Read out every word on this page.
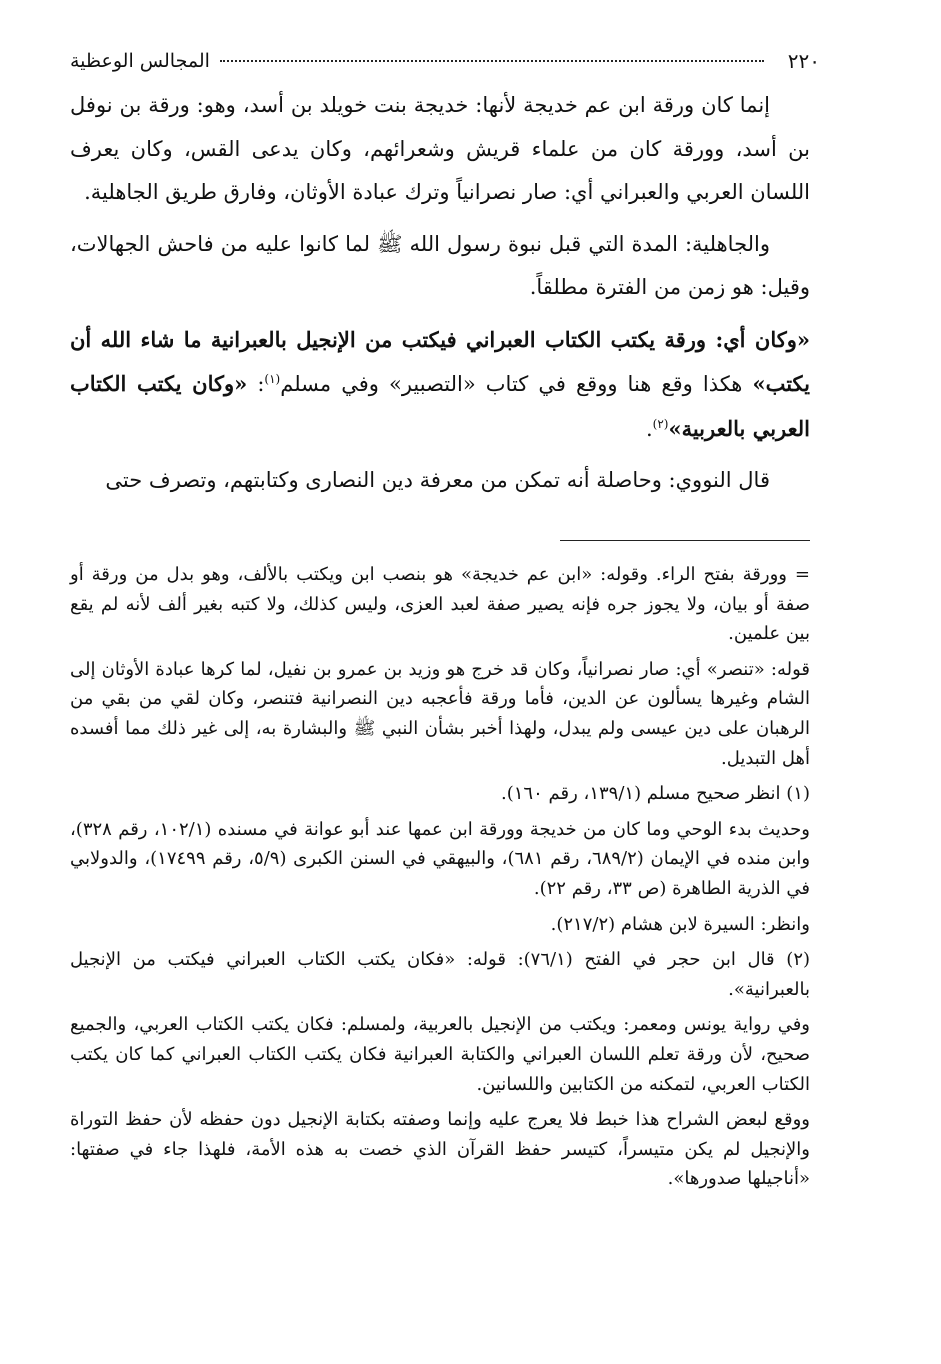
٢٢٠
المجالس الوعظية

إنما كان ورقة ابن عم خديجة لأنها: خديجة بنت خويلد بن أسد، وهو: ورقة بن نوفل بن أسد، وورقة كان من علماء قريش وشعرائهم، وكان يدعى القس، وكان يعرف اللسان العربي والعبراني أي: صار نصرانياً وترك عبادة الأوثان، وفارق طريق الجاهلية.

والجاهلية: المدة التي قبل نبوة رسول الله ﷺ لما كانوا عليه من فاحش الجهالات، وقيل: هو زمن من الفترة مطلقاً.

«وكان أي: ورقة يكتب الكتاب العبراني فيكتب من الإنجيل بالعبرانية ما شاء الله أن يكتب» هكذا وقع هنا ووقع في كتاب «التصبير» وفي مسلم$^{(١)}$: «وكان يكتب الكتاب العربي بالعربية»$^{(٢)}$.

قال النووي: وحاصلة أنه تمكن من معرفة دين النصارى وكتابتهم، وتصرف حتى

= وورقة بفتح الراء. وقوله: «ابن عم خديجة» هو بنصب ابن ويكتب بالألف، وهو بدل من ورقة أو صفة أو بيان، ولا يجوز جره فإنه يصير صفة لعبد العزى، وليس كذلك، ولا كتبه بغير ألف لأنه لم يقع بين علمين.

قوله: «تنصر» أي: صار نصرانياً، وكان قد خرج هو وزيد بن عمرو بن نفيل، لما كرها عبادة الأوثان إلى الشام وغيرها يسألون عن الدين، فأما ورقة فأعجبه دين النصرانية فتنصر، وكان لقي من بقي من الرهبان على دين عيسى ولم يبدل، ولهذا أخبر بشأن النبي ﷺ والبشارة به، إلى غير ذلك مما أفسده أهل التبديل.

(١) انظر صحيح مسلم (١٣٩/١، رقم ١٦٠).

وحديث بدء الوحي وما كان من خديجة وورقة ابن عمها عند أبو عوانة في مسنده (١٠٢/١، رقم ٣٢٨)، وابن منده في الإيمان (٦٨٩/٢، رقم ٦٨١)، والبيهقي في السنن الكبرى (٥/٩، رقم ١٧٤٩٩)، والدولابي في الذرية الطاهرة (ص ٣٣، رقم ٢٢).

وانظر: السيرة لابن هشام (٢١٧/٢).

(٢) قال ابن حجر في الفتح (٧٦/١): قوله: «فكان يكتب الكتاب العبراني فيكتب من الإنجيل بالعبرانية».

وفي رواية يونس ومعمر: ويكتب من الإنجيل بالعربية، ولمسلم: فكان يكتب الكتاب العربي، والجميع صحيح، لأن ورقة تعلم اللسان العبراني والكتابة العبرانية فكان يكتب الكتاب العبراني كما كان يكتب الكتاب العربي، لتمكنه من الكتابين واللسانين.

ووقع لبعض الشراح هذا خبط فلا يعرج عليه وإنما وصفته بكتابة الإنجيل دون حفظه لأن حفظ التوراة والإنجيل لم يكن متيسراً، كتيسر حفظ القرآن الذي خصت به هذه الأمة، فلهذا جاء في صفتها: «أناجيلها صدورها».
